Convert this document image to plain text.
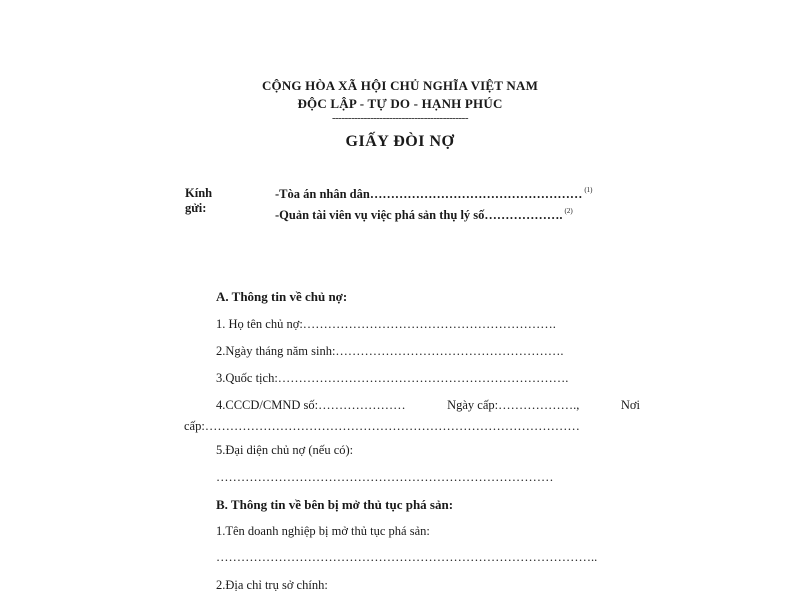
CỘNG HÒA XÃ HỘI CHỦ NGHĨA VIỆT NAM
ĐỘC LẬP - TỰ DO - HẠNH PHÚC
-------------------------------------------
GIẤY ĐÒI NỢ
Kính gửi:
-Tòa án nhân dân…………………………………………… $^{(1)}$
-Quản tài viên vụ việc phá sản thụ lý số………………. $^{(2)}$
A. Thông tin về chủ nợ:
1. Họ tên chủ nợ:…………………………………………………….
2.Ngày tháng năm sinh:……………………………………………….
3.Quốc tịch:…………………………………………………………….
4.CCCD/CMND số:…………………	Ngày cấp:……………….,	Nơi
cấp:………………………………………………………………………………
5.Đại diện chủ nợ (nếu có):
………………………………………………………………………
B. Thông tin về bên bị mở thủ tục phá sản:
1.Tên doanh nghiệp bị mở thủ tục phá sản:
………………………………………………………………………………..
2.Địa chỉ trụ sở chính:
